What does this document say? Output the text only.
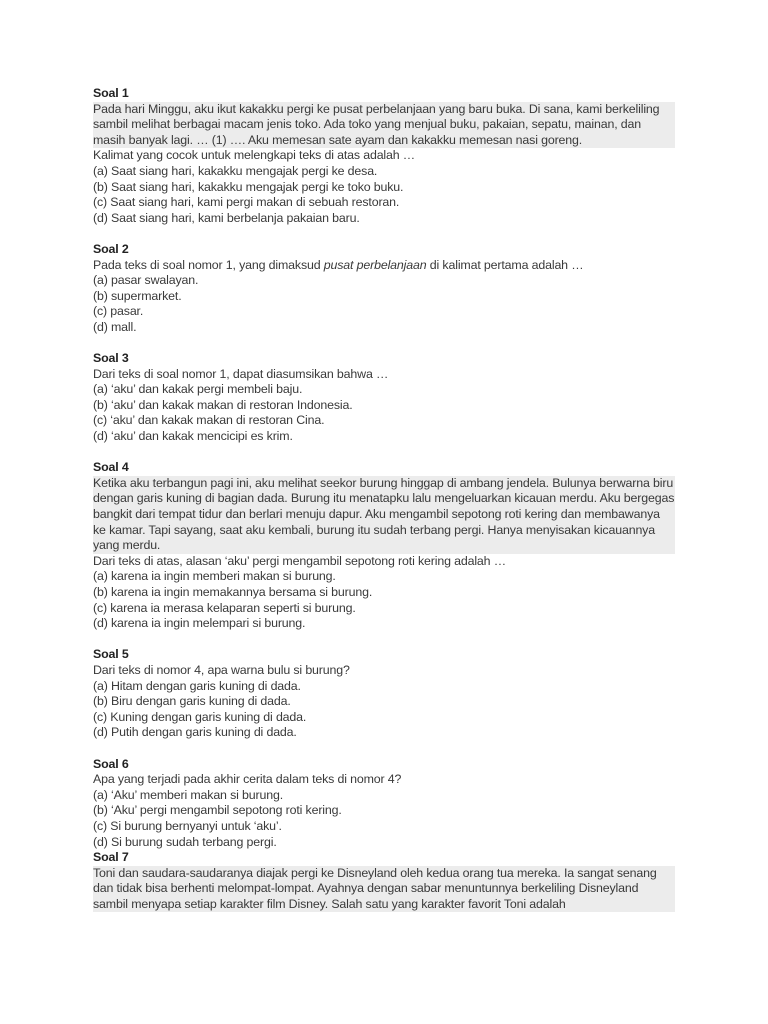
Soal 1
Pada hari Minggu, aku ikut kakakku pergi ke pusat perbelanjaan yang baru buka. Di sana, kami berkeliling sambil melihat berbagai macam jenis toko. Ada toko yang menjual buku, pakaian, sepatu, mainan, dan masih banyak lagi. … (1) …. Aku memesan sate ayam dan kakakku memesan nasi goreng.
Kalimat yang cocok untuk melengkapi teks di atas adalah …
(a) Saat siang hari, kakakku mengajak pergi ke desa.
(b) Saat siang hari, kakakku mengajak pergi ke toko buku.
(c) Saat siang hari, kami pergi makan di sebuah restoran.
(d) Saat siang hari, kami berbelanja pakaian baru.
Soal 2
Pada teks di soal nomor 1, yang dimaksud pusat perbelanjaan di kalimat pertama adalah …
(a) pasar swalayan.
(b) supermarket.
(c) pasar.
(d) mall.
Soal 3
Dari teks di soal nomor 1, dapat diasumsikan bahwa …
(a) ‘aku’ dan kakak pergi membeli baju.
(b) ‘aku’ dan kakak makan di restoran Indonesia.
(c) ‘aku’ dan kakak makan di restoran Cina.
(d) ‘aku’ dan kakak mencicipi es krim.
Soal 4
Ketika aku terbangun pagi ini, aku melihat seekor burung hinggap di ambang jendela. Bulunya berwarna biru dengan garis kuning di bagian dada. Burung itu menatapku lalu mengeluarkan kicauan merdu. Aku bergegas bangkit dari tempat tidur dan berlari menuju dapur. Aku mengambil sepotong roti kering dan membawanya ke kamar. Tapi sayang, saat aku kembali, burung itu sudah terbang pergi. Hanya menyisakan kicauannya yang merdu.
Dari teks di atas, alasan ‘aku’ pergi mengambil sepotong roti kering adalah …
(a) karena ia ingin memberi makan si burung.
(b) karena ia ingin memakannya bersama si burung.
(c) karena ia merasa kelaparan seperti si burung.
(d) karena ia ingin melempari si burung.
Soal 5
Dari teks di nomor 4, apa warna bulu si burung?
(a) Hitam dengan garis kuning di dada.
(b) Biru dengan garis kuning di dada.
(c) Kuning dengan garis kuning di dada.
(d) Putih dengan garis kuning di dada.
Soal 6
Apa yang terjadi pada akhir cerita dalam teks di nomor 4?
(a) ‘Aku’ memberi makan si burung.
(b) ‘Aku’ pergi mengambil sepotong roti kering.
(c) Si burung bernyanyi untuk ‘aku’.
(d) Si burung sudah terbang pergi.
Soal 7
Toni dan saudara-saudaranya diajak pergi ke Disneyland oleh kedua orang tua mereka. Ia sangat senang dan tidak bisa berhenti melompat-lompat. Ayahnya dengan sabar menuntunnya berkeliling Disneyland sambil menyapa setiap karakter film Disney. Salah satu yang karakter favorit Toni adalah
